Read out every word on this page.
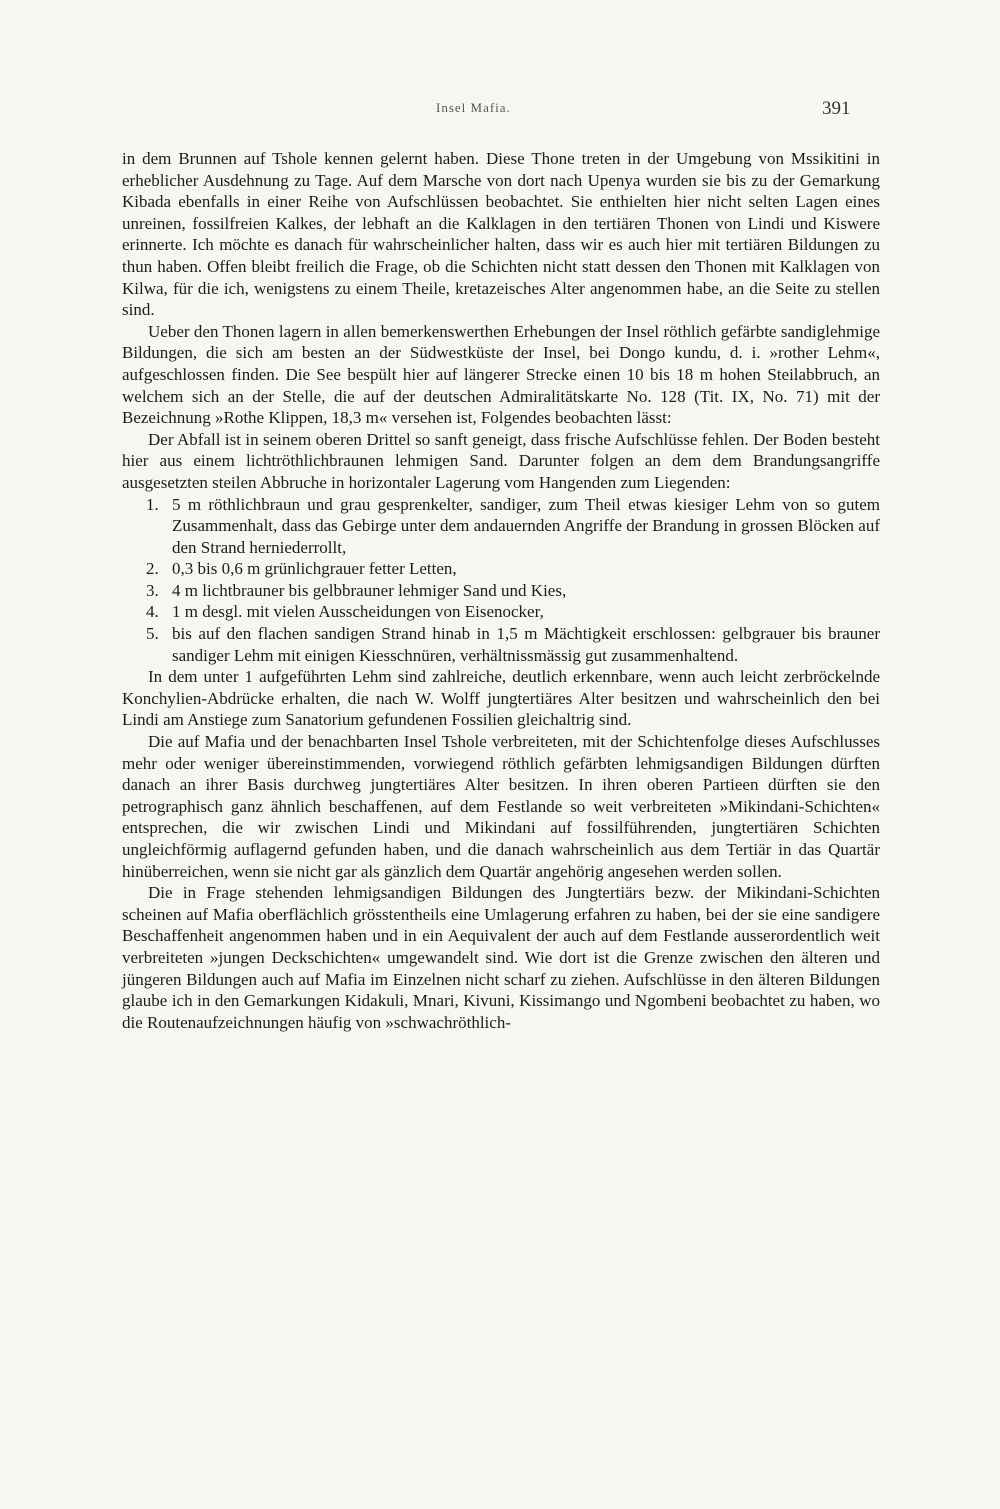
Insel Mafia.	391

in dem Brunnen auf Tshole kennen gelernt haben. Diese Thone treten in der Umgebung von Mssikitini in erheblicher Ausdehnung zu Tage. Auf dem Marsche von dort nach Upenya wurden sie bis zu der Gemarkung Kibada ebenfalls in einer Reihe von Aufschlüssen beobachtet. Sie enthielten hier nicht selten Lagen eines unreinen, fossilfreien Kalkes, der lebhaft an die Kalklagen in den tertiären Thonen von Lindi und Kiswere erinnerte. Ich möchte es danach für wahrscheinlicher halten, dass wir es auch hier mit tertiären Bildungen zu thun haben. Offen bleibt freilich die Frage, ob die Schichten nicht statt dessen den Thonen mit Kalklagen von Kilwa, für die ich, wenigstens zu einem Theile, kretazeisches Alter angenommen habe, an die Seite zu stellen sind.

Ueber den Thonen lagern in allen bemerkenswerthen Erhebungen der Insel röthlich gefärbte sandiglehmige Bildungen, die sich am besten an der Südwestküste der Insel, bei Dongo kundu, d. i. »rother Lehm«, aufgeschlossen finden. Die See bespült hier auf längerer Strecke einen 10 bis 18 m hohen Steilabbruch, an welchem sich an der Stelle, die auf der deutschen Admiralitätskarte No. 128 (Tit. IX, No. 71) mit der Bezeichnung »Rothe Klippen, 18,3 m« versehen ist, Folgendes beobachten lässt:

Der Abfall ist in seinem oberen Drittel so sanft geneigt, dass frische Aufschlüsse fehlen. Der Boden besteht hier aus einem lichtröthlichbraunen lehmigen Sand. Darunter folgen an dem dem Brandungsangriffe ausgesetzten steilen Abbruche in horizontaler Lagerung vom Hangenden zum Liegenden:

1. 5 m röthlichbraun und grau gesprenkelter, sandiger, zum Theil etwas kiesiger Lehm von so gutem Zusammenhalt, dass das Gebirge unter dem andauernden Angriffe der Brandung in grossen Blöcken auf den Strand herniederrollt,
2. 0,3 bis 0,6 m grünlichgrauer fetter Letten,
3. 4 m lichtbrauner bis gelbbrauner lehmiger Sand und Kies,
4. 1 m desgl. mit vielen Ausscheidungen von Eisenocker,
5. bis auf den flachen sandigen Strand hinab in 1,5 m Mächtigkeit erschlossen: gelbgrauer bis brauner sandiger Lehm mit einigen Kiesschnüren, verhältnissmässig gut zusammenhaltend.

In dem unter 1 aufgeführten Lehm sind zahlreiche, deutlich erkennbare, wenn auch leicht zerbröckelnde Konchylien-Abdrücke erhalten, die nach W. Wolff jungtertiäres Alter besitzen und wahrscheinlich den bei Lindi am Anstiege zum Sanatorium gefundenen Fossilien gleichaltrig sind.

Die auf Mafia und der benachbarten Insel Tshole verbreiteten, mit der Schichtenfolge dieses Aufschlusses mehr oder weniger übereinstimmenden, vorwiegend röthlich gefärbten lehmigsandigen Bildungen dürften danach an ihrer Basis durchweg jungtertiäres Alter besitzen. In ihren oberen Partieen dürften sie den petrographisch ganz ähnlich beschaffenen, auf dem Festlande so weit verbreiteten »Mikindani-Schichten« entsprechen, die wir zwischen Lindi und Mikindani auf fossilführenden, jungtertiären Schichten ungleichförmig auflagernd gefunden haben, und die danach wahrscheinlich aus dem Tertiär in das Quartär hinüberreichen, wenn sie nicht gar als gänzlich dem Quartär angehörig angesehen werden sollen.

Die in Frage stehenden lehmigsandigen Bildungen des Jungtertiärs bezw. der Mikindani-Schichten scheinen auf Mafia oberflächlich grösstentheils eine Umlagerung erfahren zu haben, bei der sie eine sandigere Beschaffenheit angenommen haben und in ein Aequivalent der auch auf dem Festlande ausserordentlich weit verbreiteten »jungen Deckschichten« umgewandelt sind. Wie dort ist die Grenze zwischen den älteren und jüngeren Bildungen auch auf Mafia im Einzelnen nicht scharf zu ziehen. Aufschlüsse in den älteren Bildungen glaube ich in den Gemarkungen Kidakuli, Mnari, Kivuni, Kissimango und Ngombeni beobachtet zu haben, wo die Routenaufzeichnungen häufig von »schwachröthlich-
